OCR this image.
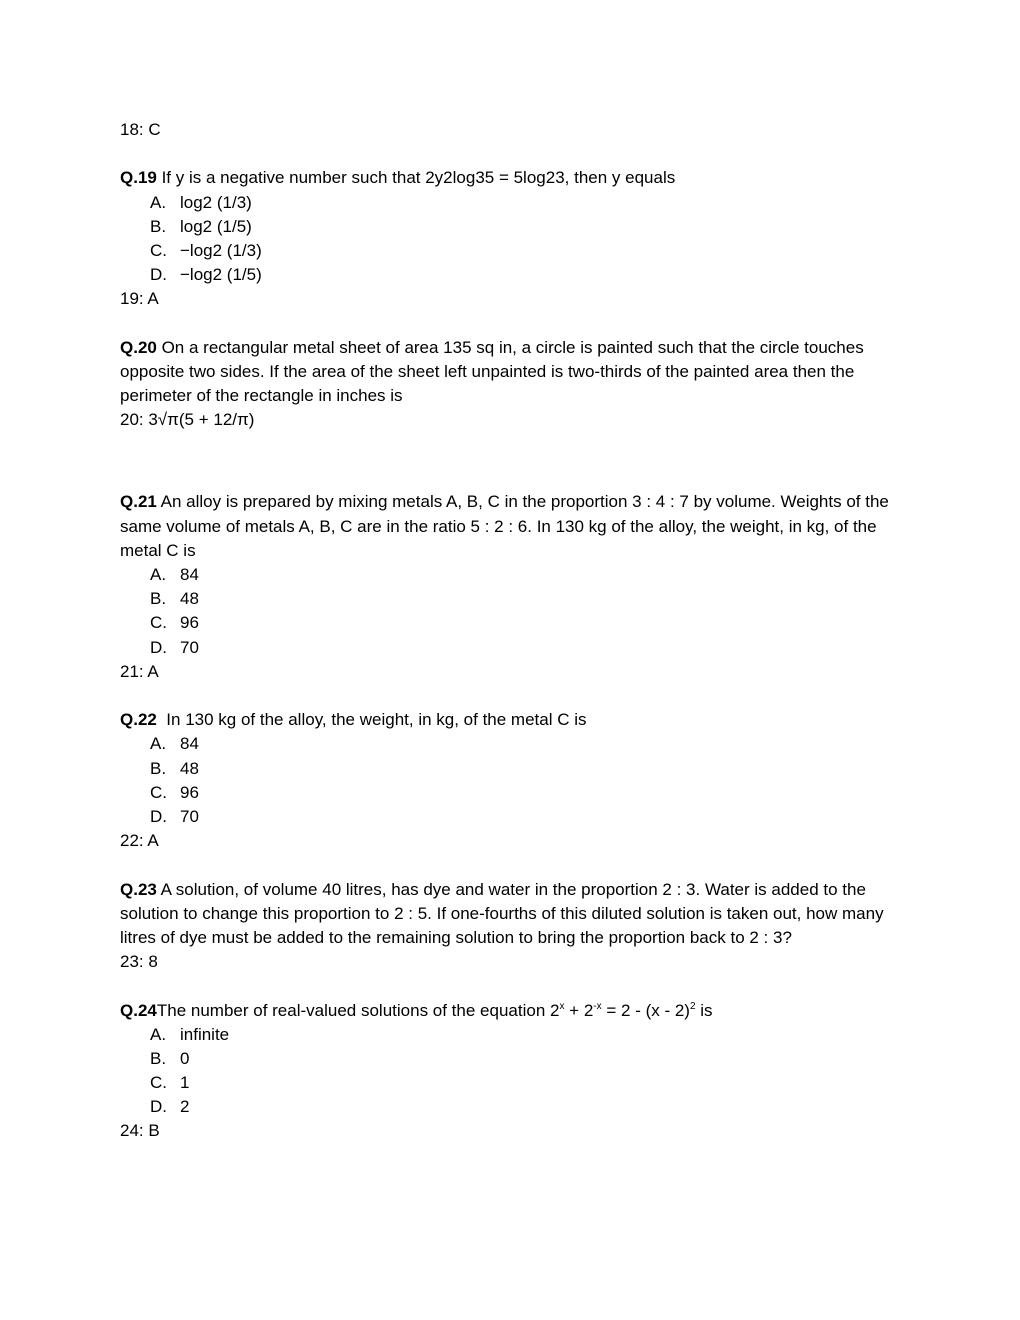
18: C
Q.19 If y is a negative number such that 2y2log35 = 5log23, then y equals
A. log2 (1/3)
B. log2 (1/5)
C. −log2 (1/3)
D. −log2 (1/5)
19: A
Q.20 On a rectangular metal sheet of area 135 sq in, a circle is painted such that the circle touches opposite two sides. If the area of the sheet left unpainted is two-thirds of the painted area then the perimeter of the rectangle in inches is
20: 3√π(5 + 12/π)
Q.21 An alloy is prepared by mixing metals A, B, C in the proportion 3 : 4 : 7 by volume. Weights of the same volume of metals A, B, C are in the ratio 5 : 2 : 6. In 130 kg of the alloy, the weight, in kg, of the metal C is
A. 84
B. 48
C. 96
D. 70
21: A
Q.22  In 130 kg of the alloy, the weight, in kg, of the metal C is
A. 84
B. 48
C. 96
D. 70
22: A
Q.23 A solution, of volume 40 litres, has dye and water in the proportion 2 : 3. Water is added to the solution to change this proportion to 2 : 5. If one-fourths of this diluted solution is taken out, how many litres of dye must be added to the remaining solution to bring the proportion back to 2 : 3?
23: 8
Q.24The number of real-valued solutions of the equation $2^x + 2^{-x} = 2 - (x - 2)^2$ is
A. infinite
B. 0
C. 1
D. 2
24: B
